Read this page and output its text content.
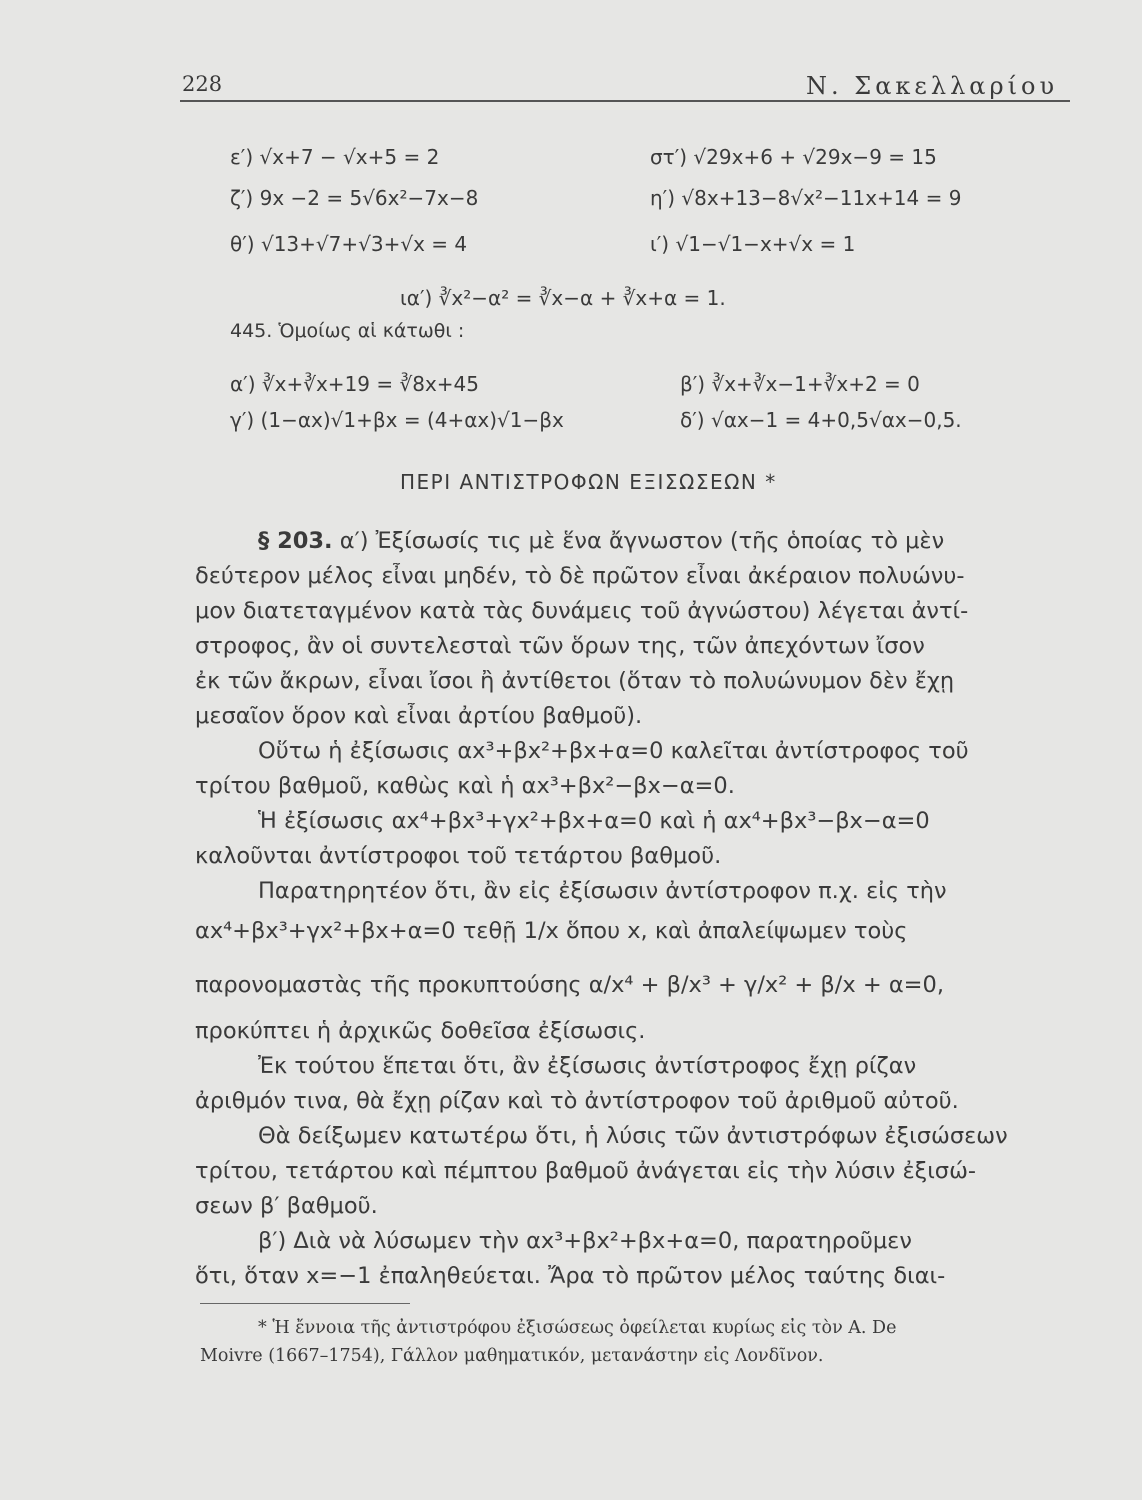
228	Ν. Σακελλαρίου
ε′) √x+7 − √x+5 = 2	στ′) √29x+6 + √29x−9 = 15
ζ′) 9x −2 = 5√6x²−7x−8	η′) √8x+13−8√x²−11x+14 = 9
θ′) √13+√7+√3+√x = 4	ι′) √1−√1−x+√x = 1
ια′) ∛x²−α² = ∛x−α + ∛x+α = 1.
445. Ὁμοίως αἱ κάτωθι :
α′) ∛x+∛x+19 = ∛8x+45	β′) ∛x+∛x−1+∛x+2 = 0
γ′) (1−αx)√1+βx = (4+αx)√1−βx	δ′) √αx−1 = 4+0,5√αx−0,5.
ΠΕΡΙ ΑΝΤΙΣΤΡΟΦΩΝ ΕΞΙΣΩΣΕΩΝ *
§ 203. α′) Ἐξίσωσίς τις μὲ ἕνα ἄγνωστον (τῆς ὁποίας τὸ μὲν
δεύτερον μέλος εἶναι μηδέν, τὸ δὲ πρῶτον εἶναι ἀκέραιον πολυώνυ-
μον διατεταγμένον κατὰ τὰς δυνάμεις τοῦ ἀγνώστου) λέγεται ἀντί-
στροφος, ἂν οἱ συντελεσταὶ τῶν ὅρων της, τῶν ἀπεχόντων ἴσον
ἐκ τῶν ἄκρων, εἶναι ἴσοι ἢ ἀντίθετοι (ὅταν τὸ πολυώνυμον δὲν ἔχῃ
μεσαῖον ὅρον καὶ εἶναι ἀρτίου βαθμοῦ).
Οὕτω ἡ ἐξίσωσις αx³+βx²+βx+α=0 καλεῖται ἀντίστροφος τοῦ
τρίτου βαθμοῦ, καθὼς καὶ ἡ αx³+βx²−βx−α=0.
Ἡ ἐξίσωσις αx⁴+βx³+γx²+βx+α=0 καὶ ἡ αx⁴+βx³−βx−α=0
καλοῦνται ἀντίστροφοι τοῦ τετάρτου βαθμοῦ.
Παρατηρητέον ὅτι, ἂν εἰς ἐξίσωσιν ἀντίστροφον π.χ. εἰς τὴν
αx⁴+βx³+γx²+βx+α=0 τεθῇ 1/x ὅπου x, καὶ ἀπαλείψωμεν τοὺς
παρονομαστὰς τῆς προκυπτούσης α/x⁴ + β/x³ + γ/x² + β/x + α=0,
προκύπτει ἡ ἀρχικῶς δοθεῖσα ἐξίσωσις.
Ἐκ τούτου ἕπεται ὅτι, ἂν ἐξίσωσις ἀντίστροφος ἔχῃ ρίζαν
ἀριθμόν τινα, θὰ ἔχῃ ρίζαν καὶ τὸ ἀντίστροφον τοῦ ἀριθμοῦ αὐτοῦ.
Θὰ δείξωμεν κατωτέρω ὅτι, ἡ λύσις τῶν ἀντιστρόφων ἐξισώσεων
τρίτου, τετάρτου καὶ πέμπτου βαθμοῦ ἀνάγεται εἰς τὴν λύσιν ἐξισώ-
σεων β′ βαθμοῦ.
β′) Διὰ νὰ λύσωμεν τὴν αx³+βx²+βx+α=0, παρατηροῦμεν
ὅτι, ὅταν x=−1 ἐπαληθεύεται. Ἄρα τὸ πρῶτον μέλος ταύτης διαι-
* Ἡ ἔννοια τῆς ἀντιστρόφου ἐξισώσεως ὀφείλεται κυρίως εἰς τὸν A. De
Moivre (1667–1754), Γάλλον μαθηματικόν, μετανάστην εἰς Λονδῖνον.
